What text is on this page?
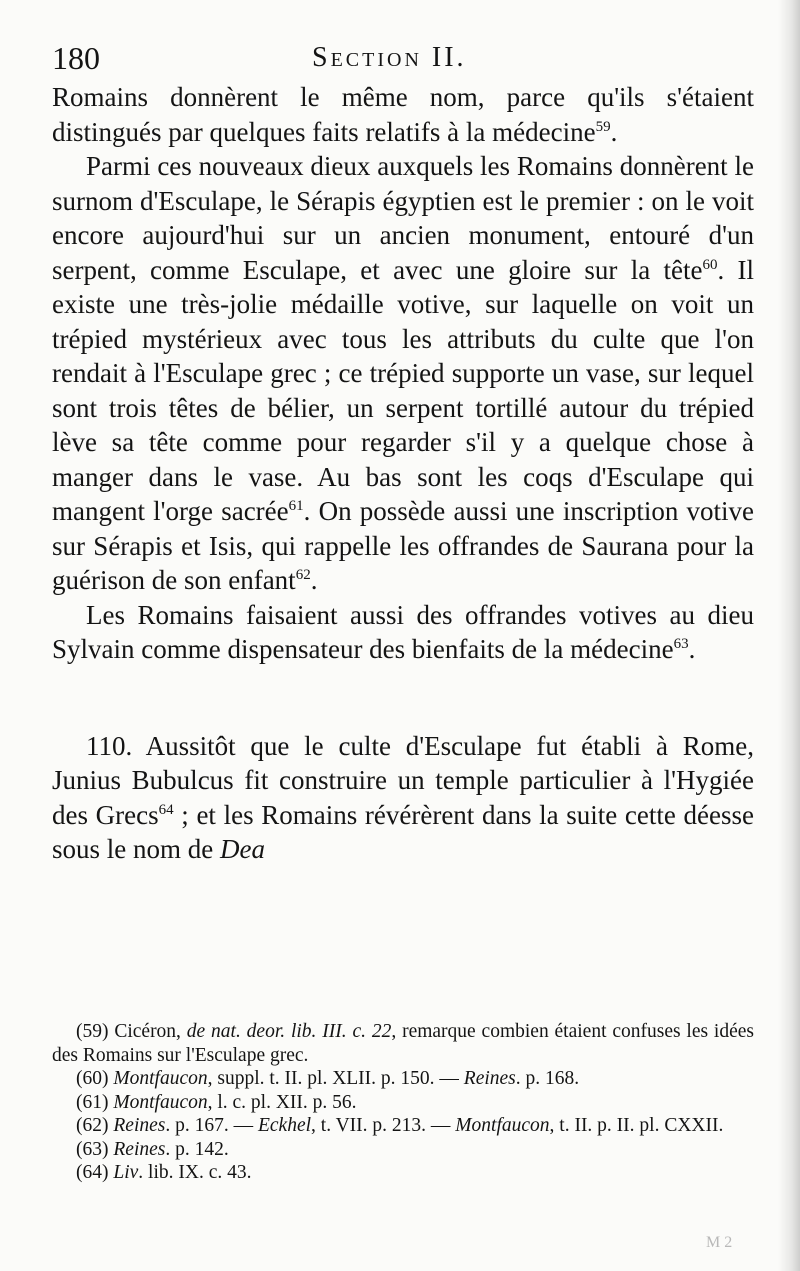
180	Section II.

Romains donnèrent le même nom, parce qu'ils s'étaient distingués par quelques faits relatifs à la médecine$^{59}$.

Parmi ces nouveaux dieux auxquels les Romains donnèrent le surnom d'Esculape, le Sérapis égyptien est le premier : on le voit encore aujourd'hui sur un ancien monument, entouré d'un serpent, comme Esculape, et avec une gloire sur la tête$^{60}$. Il existe une très-jolie médaille votive, sur laquelle on voit un trépied mystérieux avec tous les attributs du culte que l'on rendait à l'Esculape grec ; ce trépied supporte un vase, sur lequel sont trois têtes de bélier, un serpent tortillé autour du trépied lève sa tête comme pour regarder s'il y a quelque chose à manger dans le vase. Au bas sont les coqs d'Esculape qui mangent l'orge sacrée$^{61}$. On possède aussi une inscription votive sur Sérapis et Isis, qui rappelle les offrandes de Saurana pour la guérison de son enfant$^{62}$.

Les Romains faisaient aussi des offrandes votives au dieu Sylvain comme dispensateur des bienfaits de la médecine$^{63}$.

110. Aussitôt que le culte d'Esculape fut établi à Rome, Junius Bubulcus fit construire un temple particulier à l'Hygiée des Grecs$^{64}$ ; et les Romains révérèrent dans la suite cette déesse sous le nom de Dea

(59) Cicéron, de nat. deor. lib. III. c. 22, remarque combien étaient confuses les idées des Romains sur l'Esculape grec.

(60) Montfaucon, suppl. t. II. pl. XLII. p. 150. — Reines. p. 168.

(61) Montfaucon, l. c. pl. XII. p. 56.

(62) Reines. p. 167. — Eckhel, t. VII. p. 213. — Montfaucon, t. II. p. II. pl. CXXII.

(63) Reines. p. 142.

(64) Liv. lib. IX. c. 43.

M 2
